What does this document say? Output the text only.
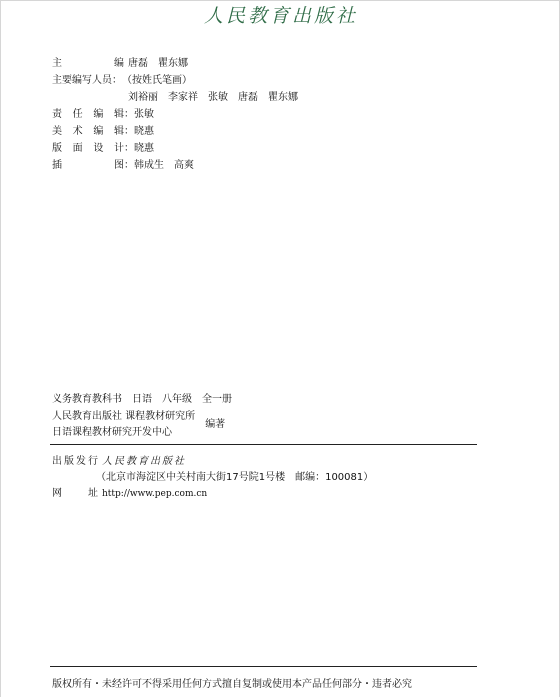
人民教育出版社
主编 唐磊 瞿东娜
主要编写人员 ： （按姓氏笔画）
刘裕丽 李家祥 张敏 唐磊 瞿东娜
责任编辑 ： 张敏
美术编辑 ： 晓惠
版面设计 ： 晓惠
插图 ： 韩成生 高爽
义务教育教科书 日语 八年级 全一册
人民教育出版社 课程教材研究所
日语课程教材研究开发中心
编著
出版发行 人民教育出版社
（北京市海淀区中关村南大街17号院1号楼　邮编：100081）
网址 http://www.pep.com.cn
版权所有・未经许可不得采用任何方式擅自复制或使用本产品任何部分・违者必究
